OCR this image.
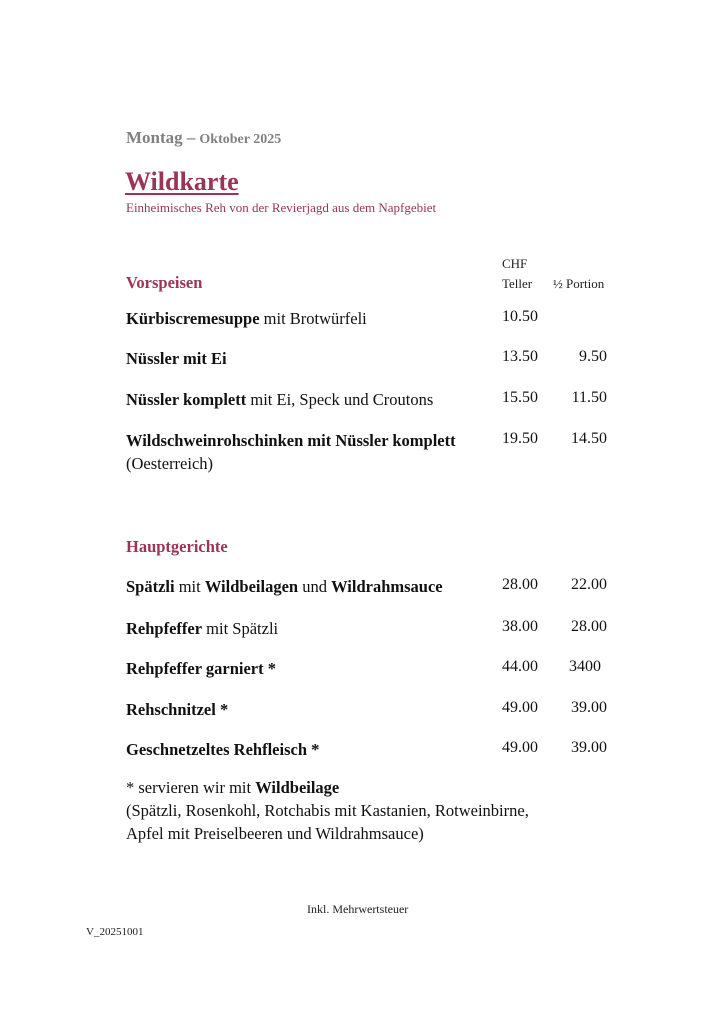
Montag – Oktober 2025
Wildkarte
Einheimisches Reh von der Revierjagd aus dem Napfgebiet
CHF
Teller ½ Portion
Vorspeisen
Kürbiscremesuppe mit Brotwürfeli	10.50
Nüssler mit Ei	13.50	9.50
Nüssler komplett mit Ei, Speck und Croutons	15.50 11.50
Wildschweinrohschinken mit Nüssler komplett
(Oesterreich)
19.50 14.50
Hauptgerichte
Spätzli mit Wildbeilagen und Wildrahmsauce	28.00 22.00
Rehpfeffer mit Spätzli	38.00 28.00
Rehpfeffer garniert *	44.00 3400
Rehschnitzel *	49.00 39.00
Geschnetzeltes Rehfleisch *	49.00 39.00
* servieren wir mit Wildbeilage
(Spätzli, Rosenkohl, Rotchabis mit Kastanien, Rotweinbirne,
Apfel mit Preiselbeeren und Wildrahmsauce)
Inkl. Mehrwertsteuer
V_20251001
